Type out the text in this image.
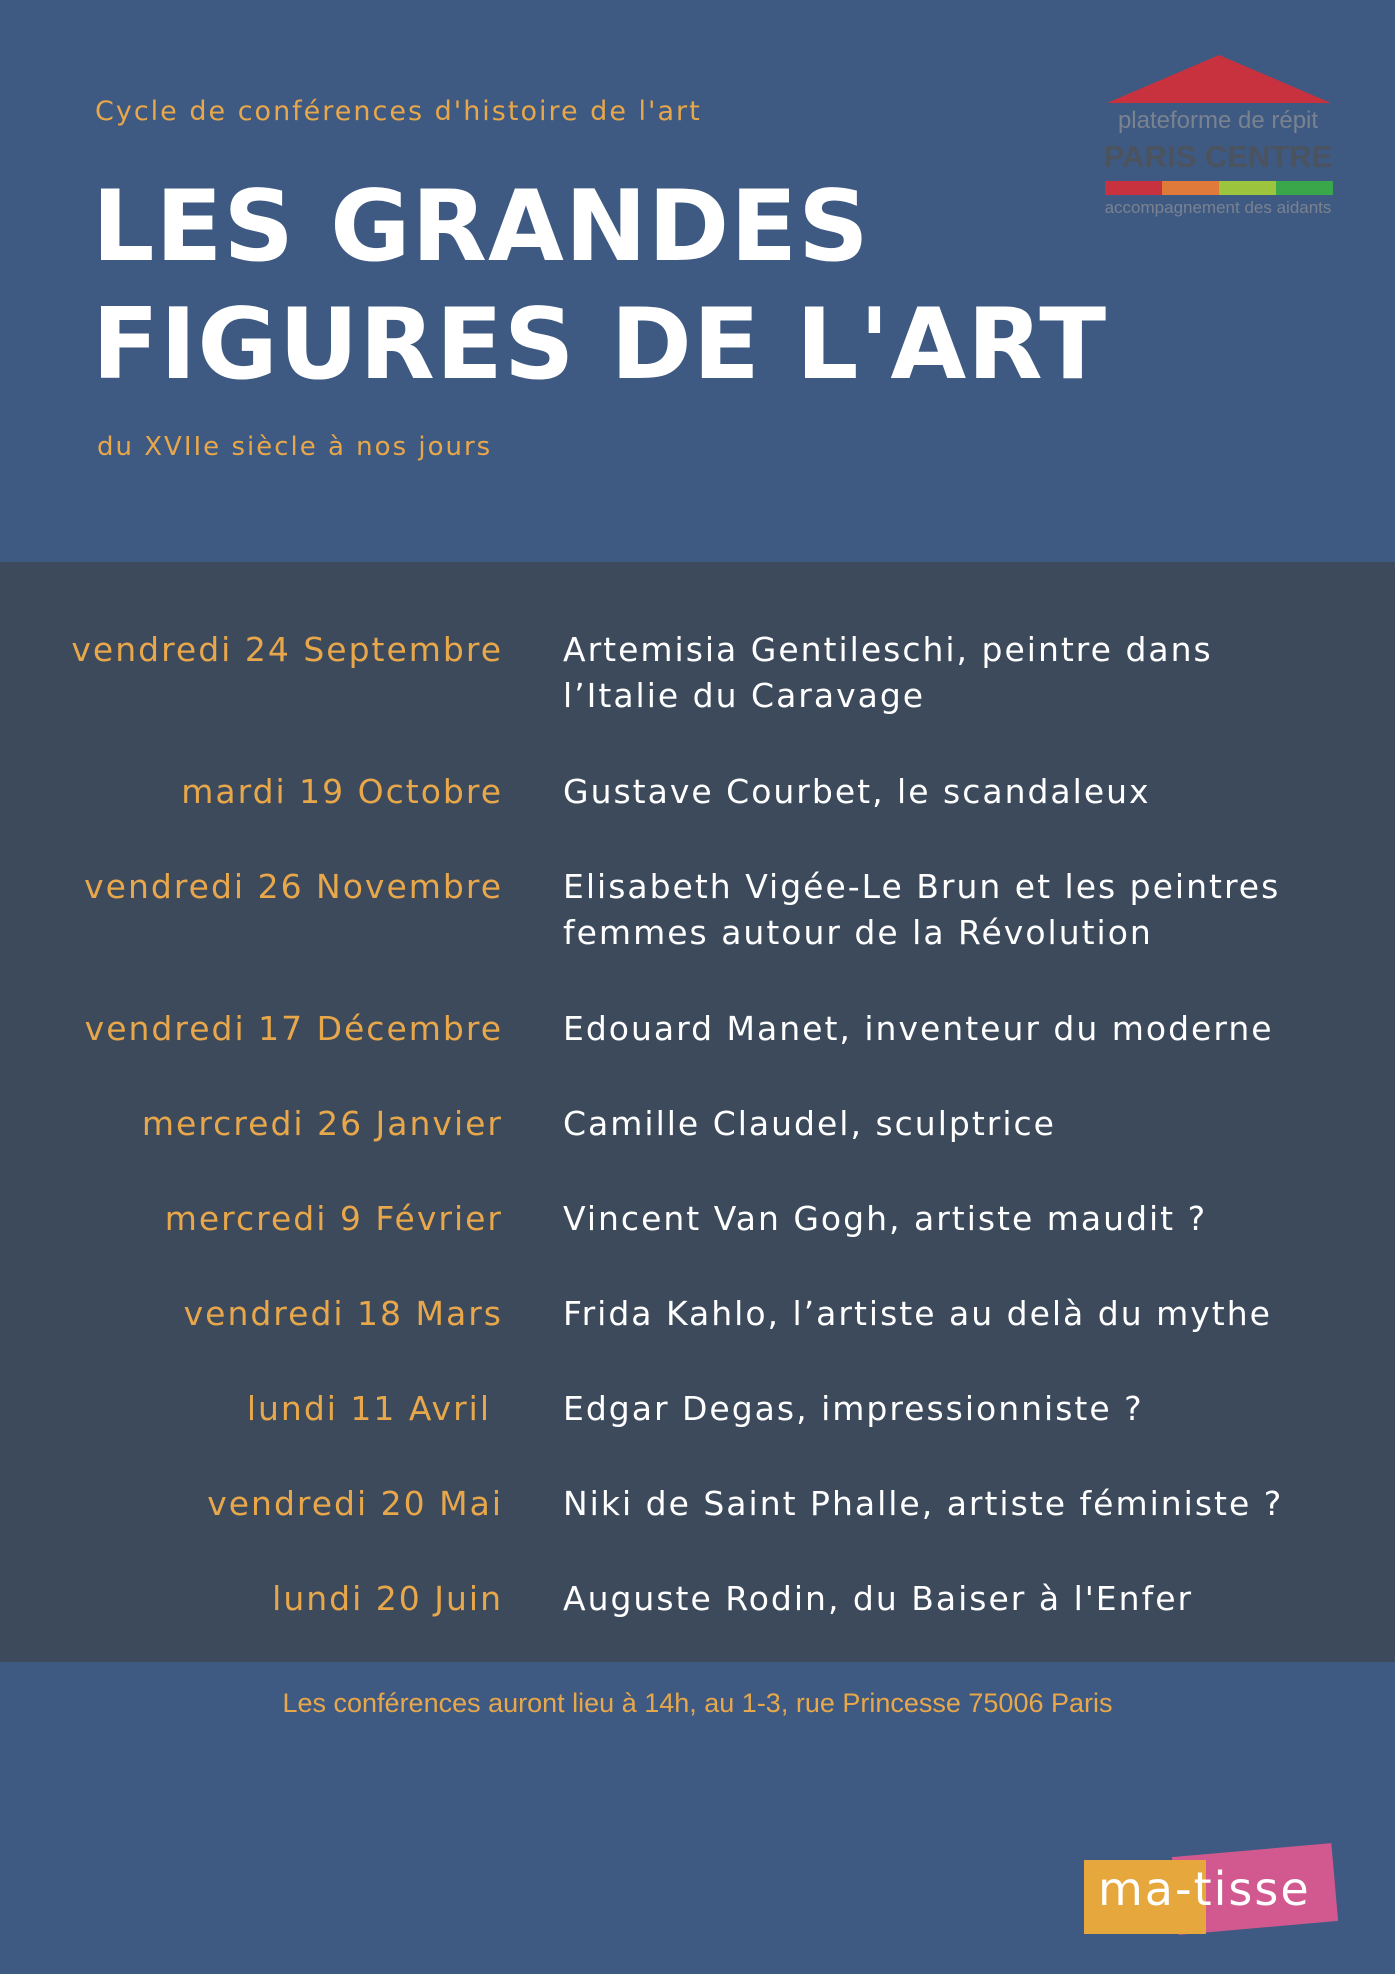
Cycle de conférences d'histoire de l'art
LES GRANDES
FIGURES DE L'ART
du XVIIe siècle à nos jours
plateforme de répit
PARIS CENTRE
accompagnement des aidants
vendredi 24 Septembre Artemisia Gentileschi, peintre dans
l’Italie du Caravage
mardi 19 Octobre Gustave Courbet, le scandaleux
vendredi 26 Novembre Elisabeth Vigée-Le Brun et les peintres
femmes autour de la Révolution
vendredi 17 Décembre Edouard Manet, inventeur du moderne
mercredi 26 Janvier Camille Claudel, sculptrice
mercredi 9 Février Vincent Van Gogh, artiste maudit ?
vendredi 18 Mars Frida Kahlo, l’artiste au delà du mythe
lundi 11 Avril Edgar Degas, impressionniste ?
vendredi 20 Mai Niki de Saint Phalle, artiste féministe ?
lundi 20 Juin Auguste Rodin, du Baiser à l'Enfer
Les conférences auront lieu à 14h, au 1-3, rue Princesse 75006 Paris
ma-tisse
